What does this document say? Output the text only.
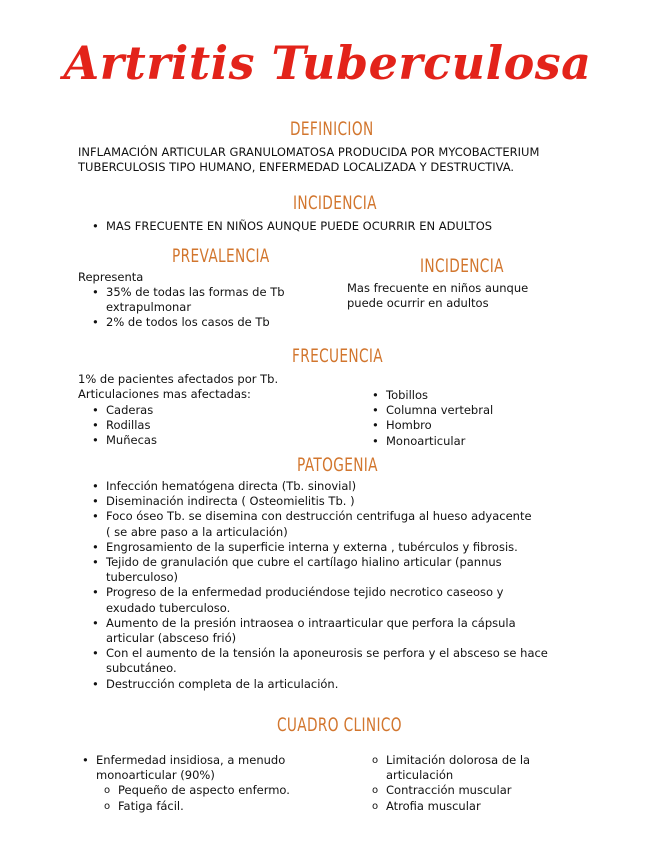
Artritis Tuberculosa
DEFINICION
INFLAMACIÓN ARTICULAR GRANULOMATOSA PRODUCIDA POR MYCOBACTERIUM
TUBERCULOSIS TIPO HUMANO, ENFERMEDAD LOCALIZADA Y DESTRUCTIVA.
INCIDENCIA
• MAS FRECUENTE EN NIÑOS AUNQUE PUEDE OCURRIR EN ADULTOS
PREVALENCIA
Representa
• 35% de todas las formas de Tb
extrapulmonar
• 2% de todos los casos de Tb
INCIDENCIA
Mas frecuente en niños aunque
puede ocurrir en adultos
FRECUENCIA
1% de pacientes afectados por Tb.
Articulaciones mas afectadas:
• Caderas
• Rodillas
• Muñecas
• Tobillos
• Columna vertebral
• Hombro
• Monoarticular
PATOGENIA
• Infección hematógena directa (Tb. sinovial)
• Diseminación indirecta ( Osteomielitis Tb. )
• Foco óseo Tb. se disemina con destrucción centrifuga al hueso adyacente
( se abre paso a la articulación)
• Engrosamiento de la superficie interna y externa , tubérculos y fibrosis.
• Tejido de granulación que cubre el cartílago hialino articular (pannus
tuberculoso)
• Progreso de la enfermedad produciéndose tejido necrotico caseoso y
exudado tuberculoso.
• Aumento de la presión intraosea o intraarticular que perfora la cápsula
articular (absceso frió)
• Con el aumento de la tensión la aponeurosis se perfora y el absceso se hace
subcutáneo.
• Destrucción completa de la articulación.
CUADRO CLINICO
• Enfermedad insidiosa, a menudo
monoarticular (90%)
o Pequeño de aspecto enfermo.
o Fatiga fácil.
o Limitación dolorosa de la
articulación
o Contracción muscular
o Atrofia muscular
